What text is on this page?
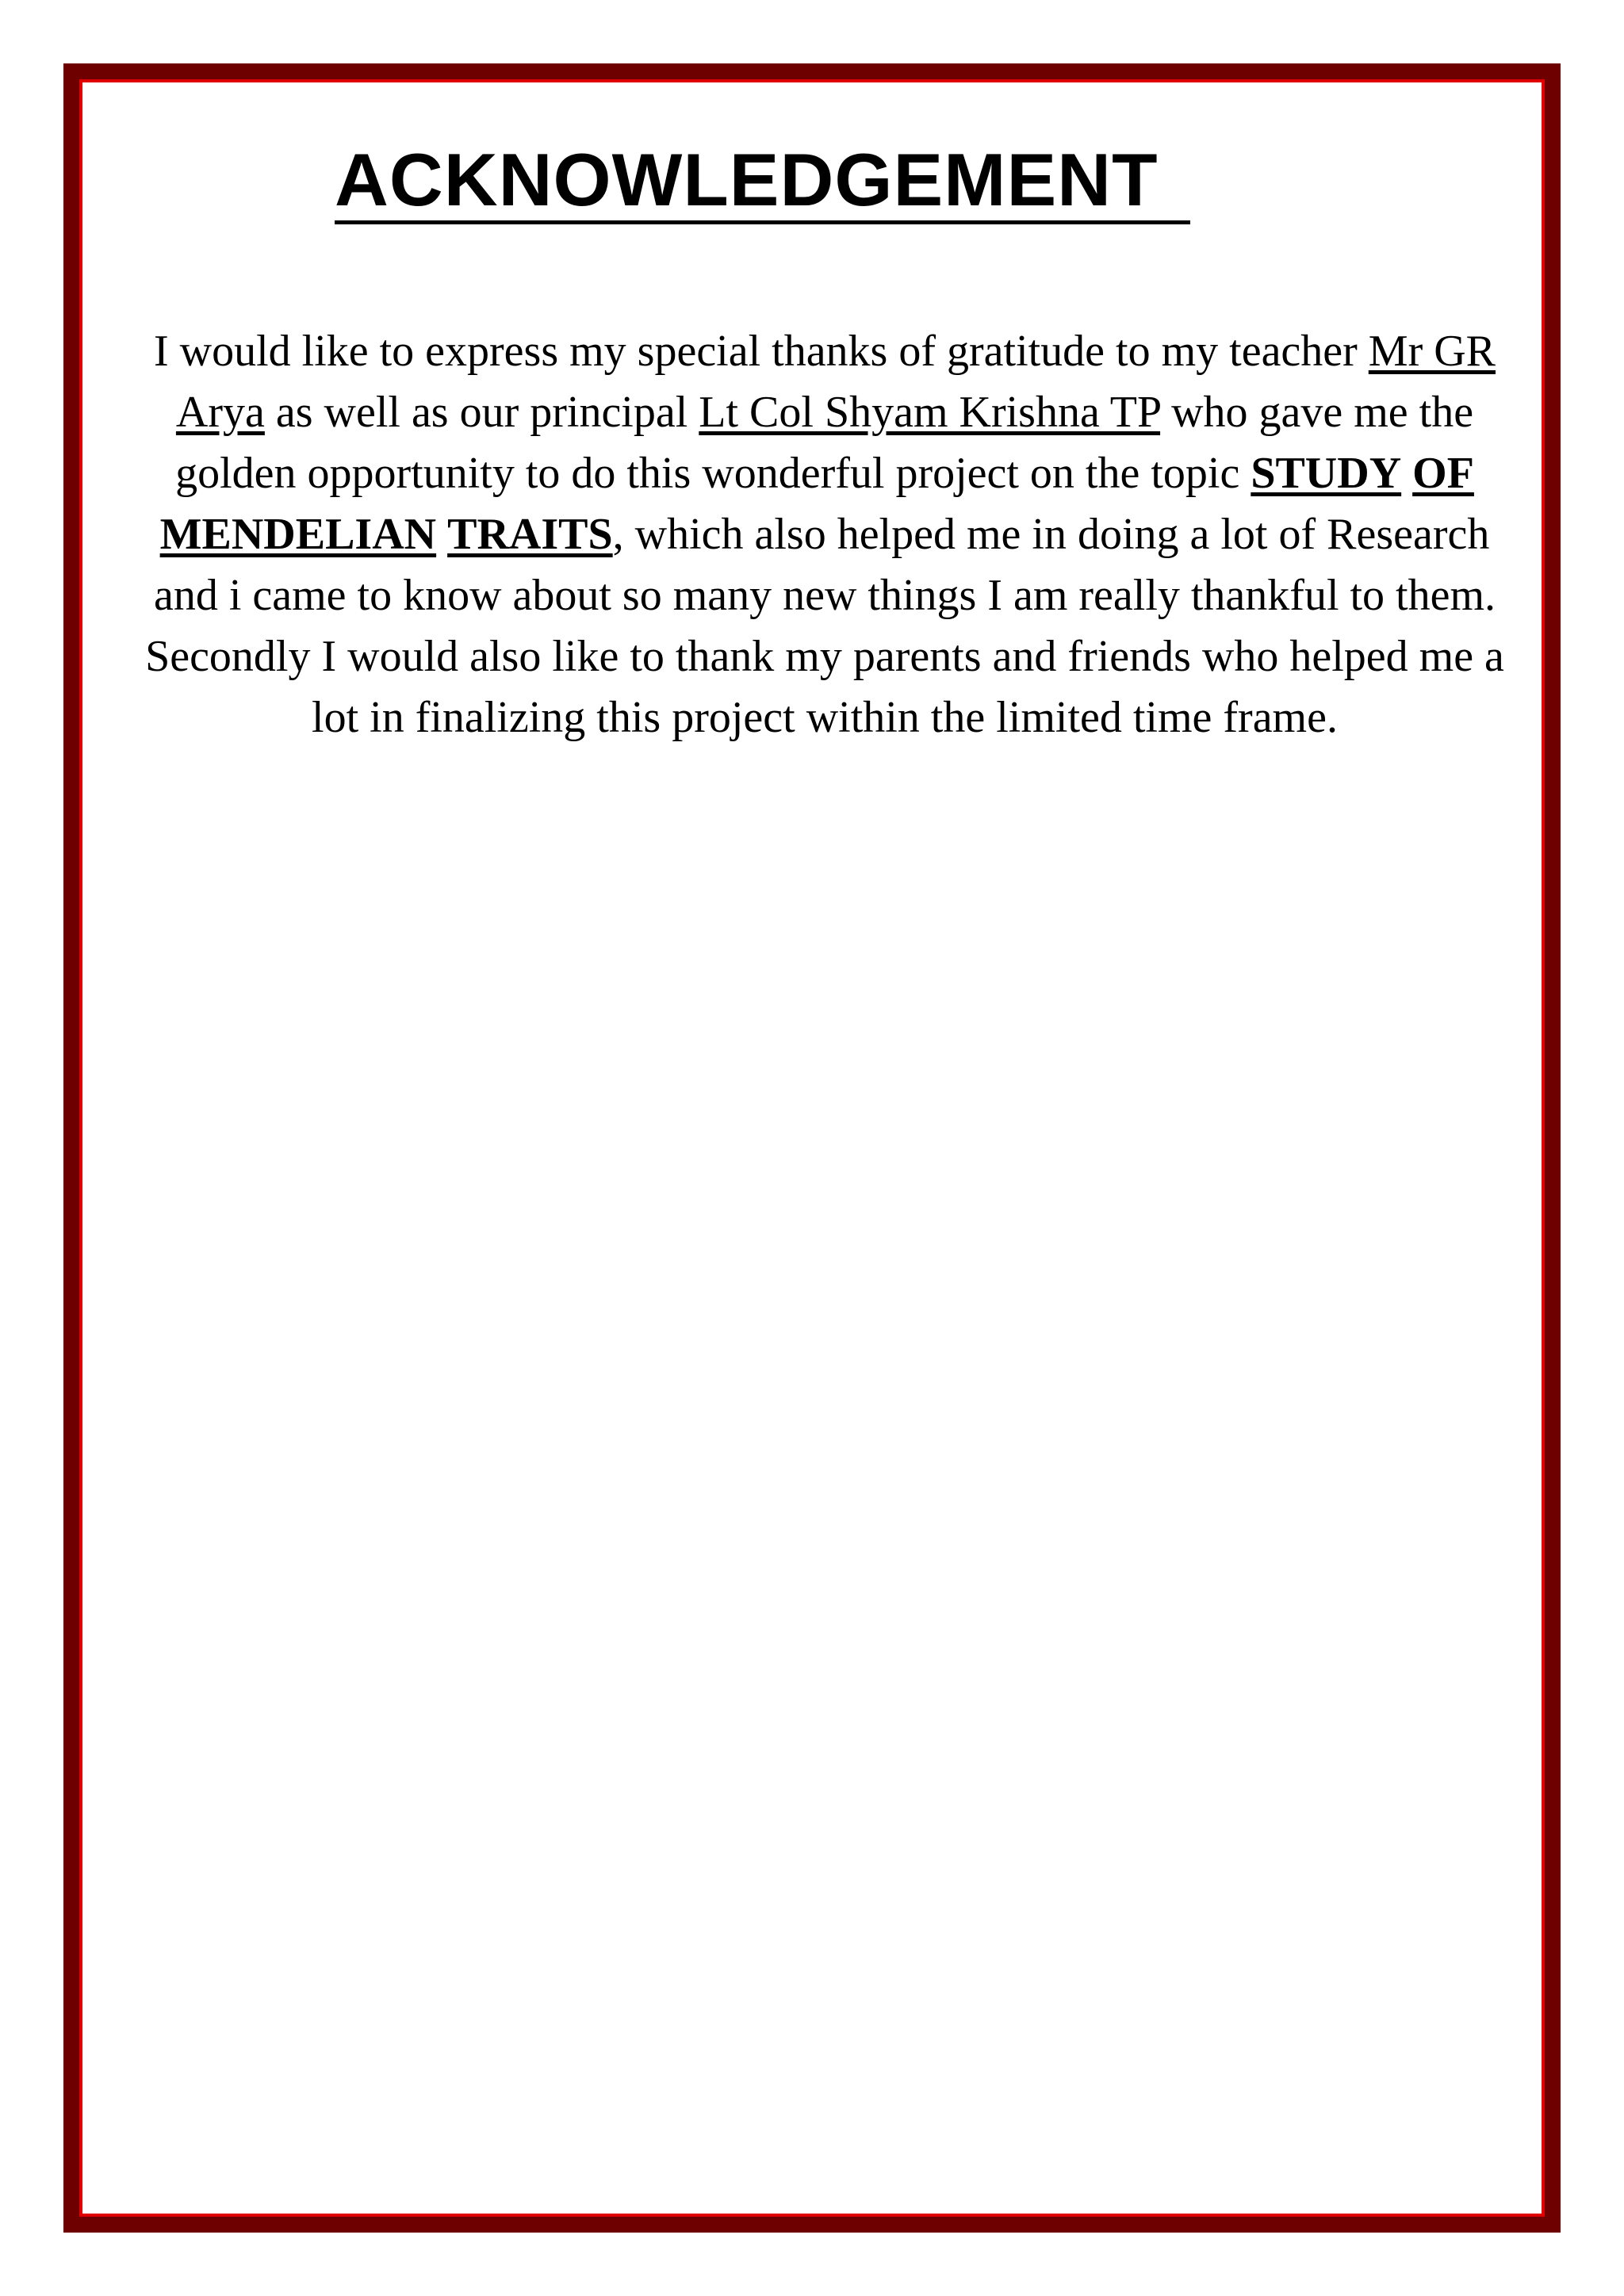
ACKNOWLEDGEMENT

I would like to express my special thanks of gratitude to my teacher Mr GR Arya as well as our principal Lt Col Shyam Krishna TP who gave me the golden opportunity to do this wonderful project on the topic STUDY OF MENDELIAN TRAITS, which also helped me in doing a lot of Research and i came to know about so many new things I am really thankful to them.

Secondly I would also like to thank my parents and friends who helped me a lot in finalizing this project within the limited time frame.
